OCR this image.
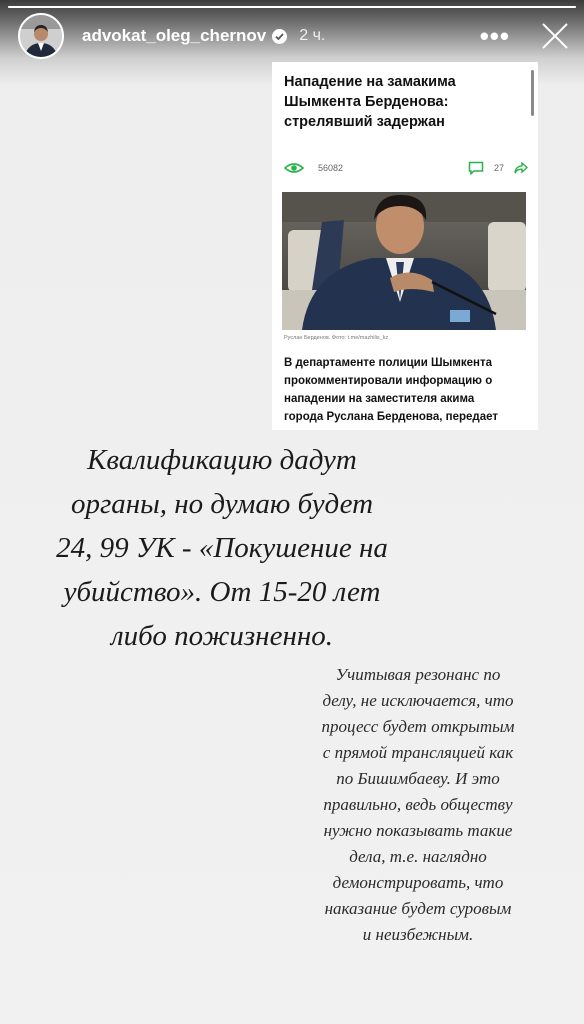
advokat_oleg_chernov 2 ч.	•••
Нападение на замакима
Шымкента Берденова:
стрелявший задержан
56082	27
Руслан Берденов. Фото: t.me/mazhilis_kz
В департаменте полиции Шымкента
прокомментировали информацию о
нападении на заместителя акима
города Руслана Берденова, передает
Квалификацию дадут
органы, но думаю будет
24, 99 УК - «Покушение на
убийство». От 15-20 лет
либо пожизненно.
Учитывая резонанс по
делу, не исключается, что
процесс будет открытым
с прямой трансляцией как
по Бишимбаеву. И это
правильно, ведь обществу
нужно показывать такие
дела, т.е. наглядно
демонстрировать, что
наказание будет суровым
и неизбежным.
